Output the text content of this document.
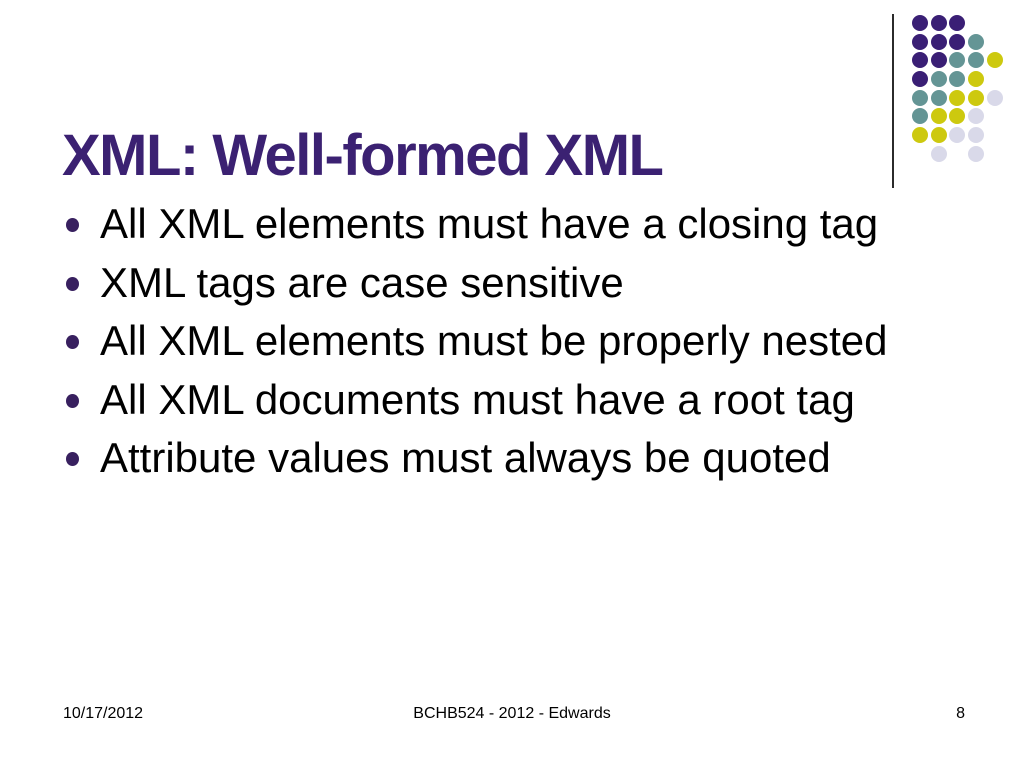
XML: Well-formed XML
All XML elements must have a closing tag
XML tags are case sensitive
All XML elements must be properly nested
All XML documents must have a root tag
Attribute values must always be quoted
10/17/2012	BCHB524 - 2012 - Edwards	8
